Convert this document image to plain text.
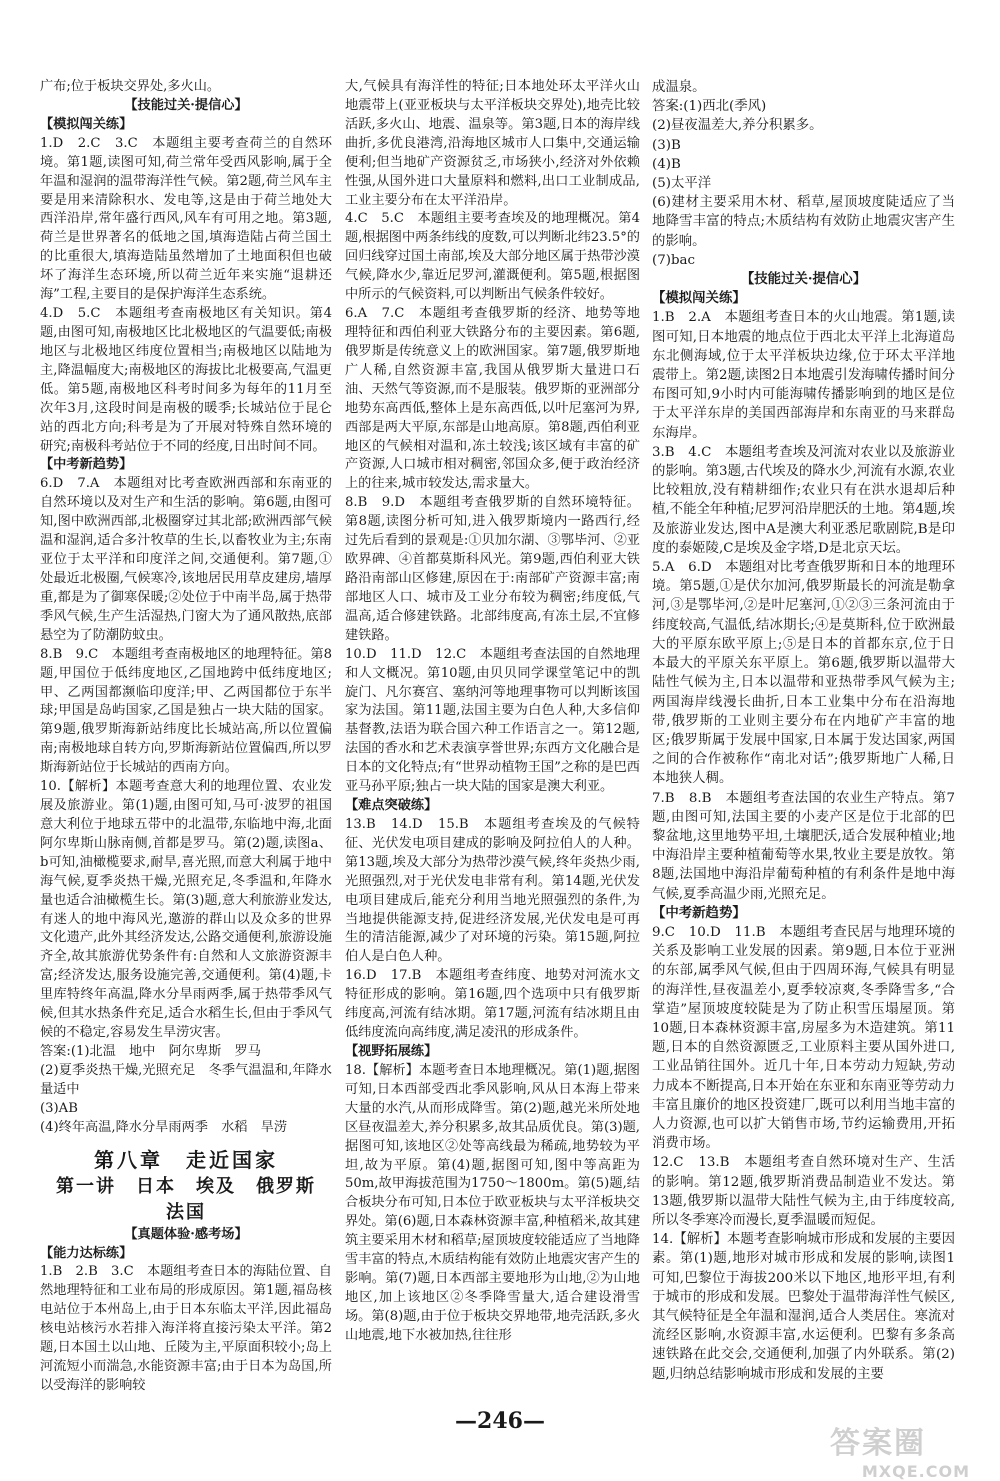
广布;位于板块交界处,多火山。

【技能过关·提信心】

【模拟闯关练】

1.D　2.C　3.C　本题组主要考查荷兰的自然环境。第1题,读图可知,荷兰常年受西风影响,属于全年温和湿润的温带海洋性气候。第2题,荷兰风车主要是用来清除积水、发电等,这是由于荷兰地处大西洋沿岸,常年盛行西风,风车有可用之地。第3题,荷兰是世界著名的低地之国,填海造陆占荷兰国土的比重很大,填海造陆虽然增加了土地面积但也破坏了海洋生态环境,所以荷兰近年来实施“退耕还海”工程,主要目的是保护海洋生态系统。

4.D　5.C　本题组考查南极地区有关知识。第4题,由图可知,南极地区比北极地区的气温要低;南极地区与北极地区纬度位置相当;南极地区以陆地为主,降温幅度大;南极地区的海拔比北极要高,气温更低。第5题,南极地区科考时间多为每年的11月至次年3月,这段时间是南极的暖季;长城站位于昆仑站的西北方向;科考是为了开展对特殊自然环境的研究;南极科考站位于不同的经度,日出时间不同。

【中考新趋势】

6.D　7.A　本题组对比考查欧洲西部和东南亚的自然环境以及对生产和生活的影响。第6题,由图可知,图中欧洲西部,北极圈穿过其北部;欧洲西部气候温和湿润,适合多汁牧草的生长,以畜牧业为主;东南亚位于太平洋和印度洋之间,交通便利。第7题,①处最近北极圈,气候寒冷,该地居民用草皮建房,墙厚重,都是为了御寒保暖;②处位于中南半岛,属于热带季风气候,生产生活湿热,门窗大为了通风散热,底部悬空为了防潮防蚊虫。

8.B　9.C　本题组考查南极地区的地理特征。第8题,甲国位于低纬度地区,乙国地跨中低纬度地区;甲、乙两国都濒临印度洋;甲、乙两国都位于东半球;甲国是岛屿国家,乙国是独占一块大陆的国家。第9题,俄罗斯海新站纬度比长城站高,所以位置偏南;南极地球自转方向,罗斯海新站位置偏西,所以罗斯海新站位于长城站的西南方向。

10.【解析】本题考查意大利的地理位置、农业发展及旅游业。第(1)题,由图可知,马可·波罗的祖国意大利位于地球五带中的北温带,东临地中海,北面阿尔卑斯山脉南侧,首都是罗马。第(2)题,读图a、b可知,油橄榄要求,耐旱,喜光照,而意大利属于地中海气候,夏季炎热干燥,光照充足,冬季温和,年降水量也适合油橄榄生长。第(3)题,意大利旅游业发达,有迷人的地中海风光,邀游的群山以及众多的世界文化遗产,此外其经济发达,公路交通便利,旅游设施齐全,故其旅游优势条件有:自然和人文旅游资源丰富;经济发达,服务设施完善,交通便利。第(4)题,卡里库特终年高温,降水分旱雨两季,属于热带季风气候,但其水热条件充足,适合水稻生长,但由于季风气候的不稳定,容易发生旱涝灾害。

答案:(1)北温　地中　阿尔卑斯　罗马

(2)夏季炎热干燥,光照充足　冬季气温温和,年降水量适中

(3)AB

(4)终年高温,降水分旱雨两季　水稻　旱涝

第八章　走近国家

第一讲　日本　埃及　俄罗斯　法国

【真题体验·感考场】

【能力达标练】

1.B　2.B　3.C　本题组考查日本的海陆位置、自然地理特征和工业布局的形成原因。第1题,福岛核电站位于本州岛上,由于日本东临太平洋,因此福岛核电站核污水若排入海洋将直接污染太平洋。第2题,日本国土以山地、丘陵为主,平原面积较小;岛上河流短小而湍急,水能资源丰富;由于日本为岛国,所以受海洋的影响较

大,气候具有海洋性的特征;日本地处环太平洋火山地震带上(亚亚板块与太平洋板块交界处),地壳比较活跃,多火山、地震、温泉等。第3题,日本的海岸线曲折,多优良港湾,沿海地区城市人口集中,交通运输便利;但当地矿产资源贫乏,市场狭小,经济对外依赖性强,从国外进口大量原料和燃料,出口工业制成品,工业主要分布在太平洋沿岸。

4.C　5.C　本题组主要考查埃及的地理概况。第4题,根据图中两条纬线的度数,可以判断北纬23.5°的回归线穿过国土南部,埃及大部分地区属于热带沙漠气候,降水少,靠近尼罗河,灌溉便利。第5题,根据图中所示的气候资料,可以判断出气候条件较好。

6.A　7.C　本题组考查俄罗斯的经济、地势等地理特征和西伯利亚大铁路分布的主要因素。第6题,俄罗斯是传统意义上的欧洲国家。第7题,俄罗斯地广人稀,自然资源丰富,我国从俄罗斯大量进口石油、天然气等资源,而不是服装。俄罗斯的亚洲部分地势东高西低,整体上是东高西低,以叶尼塞河为界,西部是两大平原,东部是山地高原。第8题,西伯利亚地区的气候相对温和,冻土较浅;该区域有丰富的矿产资源,人口城市相对稠密,邻国众多,便于政治经济上的往来,城市较发达,需求量大。

8.B　9.D　本题组考查俄罗斯的自然环境特征。第8题,读图分析可知,进入俄罗斯境内一路西行,经过先后看到的景观是:①贝加尔湖、③鄂毕河、②亚欧界碑、④首都莫斯科风光。第9题,西伯利亚大铁路沿南部山区修建,原因在于:南部矿产资源丰富;南部地区人口、城市及工业分布较为稠密;纬度低,气温高,适合修建铁路。北部纬度高,有冻土层,不宜修建铁路。

10.D　11.D　12.C　本题组考查法国的自然地理和人文概况。第10题,由贝贝同学课堂笔记中的凯旋门、凡尔赛宫、塞纳河等地理事物可以判断该国家为法国。第11题,法国主要为白色人种,大多信仰基督教,法语为联合国六种工作语言之一。第12题,法国的香水和艺术表演享誉世界;东西方文化融合是日本的文化特点;有“世界动植物王国”之称的是巴西亚马孙平原;独占一块大陆的国家是澳大利亚。

【难点突破练】

13.B　14.D　15.B　本题组考查埃及的气候特征、光伏发电项目建成的影响及阿拉伯人的人种。第13题,埃及大部分为热带沙漠气候,终年炎热少雨,光照强烈,对于光伏发电非常有利。第14题,光伏发电项目建成后,能充分利用当地光照强烈的条件,为当地提供能源支持,促进经济发展,光伏发电是可再生的清洁能源,减少了对环境的污染。第15题,阿拉伯人是白色人种。

16.D　17.B　本题组考查纬度、地势对河流水文特征形成的影响。第16题,四个选项中只有俄罗斯纬度高,河流有结冰期。第17题,河流有结冰期且由低纬度流向高纬度,满足凌汛的形成条件。

【视野拓展练】

18.【解析】本题考查日本地理概况。第(1)题,据图可知,日本西部受西北季风影响,风从日本海上带来大量的水汽,从而形成降雪。第(2)题,越光米所处地区昼夜温差大,养分积累多,故其品质优良。第(3)题,据图可知,该地区②处等高线最为稀疏,地势较为平坦,故为平原。第(4)题,据图可知,图中等高距为50m,故甲海拔范围为1750～1800m。第(5)题,结合板块分布可知,日本位于欧亚板块与太平洋板块交界处。第(6)题,日本森林资源丰富,种植稻米,故其建筑主要采用木材和稻草;屋顶坡度较能适应了当地降雪丰富的特点,木质结构能有效防止地震灾害产生的影响。第(7)题,日本西部主要地形为山地,②为山地地区,加上该地区②冬季降雪量大,适合建设滑雪场。第(8)题,由于位于板块交界地带,地壳活跃,多火山地震,地下水被加热,往往形

成温泉。

答案:(1)西北(季风)

(2)昼夜温差大,养分积累多。

(3)B

(4)B

(5)太平洋

(6)建材主要采用木材、稻草,屋顶坡度陡适应了当地降雪丰富的特点;木质结构有效防止地震灾害产生的影响。

(7)bac

【技能过关·提信心】

【模拟闯关练】

1.B　2.A　本题组考查日本的火山地震。第1题,读图可知,日本地震的地点位于西北太平洋上北海道岛东北侧海域,位于太平洋板块边缘,位于环太平洋地震带上。第2题,读图2日本地震引发海啸传播时间分布图可知,9小时内可能海啸传播影响到的地区是位于太平洋东岸的美国西部海岸和东南亚的马来群岛东海岸。

3.B　4.C　本题组考查埃及河流对农业以及旅游业的影响。第3题,古代埃及的降水少,河流有水源,农业比较粗放,没有精耕细作;农业只有在洪水退却后种植,不能全年种植;尼罗河沿岸肥沃的土地。第4题,埃及旅游业发达,图中A是澳大利亚悉尼歌剧院,B是印度的泰姬陵,C是埃及金字塔,D是北京天坛。

5.A　6.D　本题组对比考查俄罗斯和日本的地理环境。第5题,①是伏尔加河,俄罗斯最长的河流是勒拿河,③是鄂毕河,②是叶尼塞河,①②③三条河流由于纬度较高,气温低,结冰期长;④是莫斯科,位于欧洲最大的平原东欧平原上;⑤是日本的首都东京,位于日本最大的平原关东平原上。第6题,俄罗斯以温带大陆性气候为主,日本以温带和亚热带季风气候为主;两国海岸线漫长曲折,日本工业集中分布在沿海地带,俄罗斯的工业则主要分布在内地矿产丰富的地区;俄罗斯属于发展中国家,日本属于发达国家,两国之间的合作被称作“南北对话”;俄罗斯地广人稀,日本地狭人稠。

7.B　8.B　本题组考查法国的农业生产特点。第7题,由图可知,法国主要的小麦产区是位于北部的巴黎盆地,这里地势平坦,土壤肥沃,适合发展种植业;地中海沿岸主要种植葡萄等水果,牧业主要是放牧。第8题,法国地中海沿岸葡萄种植的有利条件是地中海气候,夏季高温少雨,光照充足。

【中考新趋势】

9.C　10.D　11.B　本题组考查民居与地理环境的关系及影响工业发展的因素。第9题,日本位于亚洲的东部,属季风气候,但由于四周环海,气候具有明显的海洋性,昼夜温差小,夏季较凉爽,冬季降雪多,“合掌造”屋顶坡度较陡是为了防止积雪压塌屋顶。第10题,日本森林资源丰富,房屋多为木造建筑。第11题,日本的自然资源匮乏,工业原料主要从国外进口,工业品销往国外。近几十年,日本劳动力短缺,劳动力成本不断提高,日本开始在东亚和东南亚等劳动力丰富且廉价的地区投资建厂,既可以利用当地丰富的人力资源,也可以扩大销售市场,节约运输费用,开拓消费市场。

12.C　13.B　本题组考查自然环境对生产、生活的影响。第12题,俄罗斯消费品制造业不发达。第13题,俄罗斯以温带大陆性气候为主,由于纬度较高,所以冬季寒冷而漫长,夏季温暖而短促。

14.【解析】本题考查影响城市形成和发展的主要因素。第(1)题,地形对城市形成和发展的影响,读图1可知,巴黎位于海拔200米以下地区,地形平坦,有利于城市的形成和发展。巴黎处于温带海洋性气候区,其气候特征是全年温和湿润,适合人类居住。寒流对流经区影响,水资源丰富,水运便利。巴黎有多条高速铁路在此交会,交通便利,加强了内外联系。第(2)题,归纳总结影响城市形成和发展的主要

—246—
答案圈
MXQE.COM
